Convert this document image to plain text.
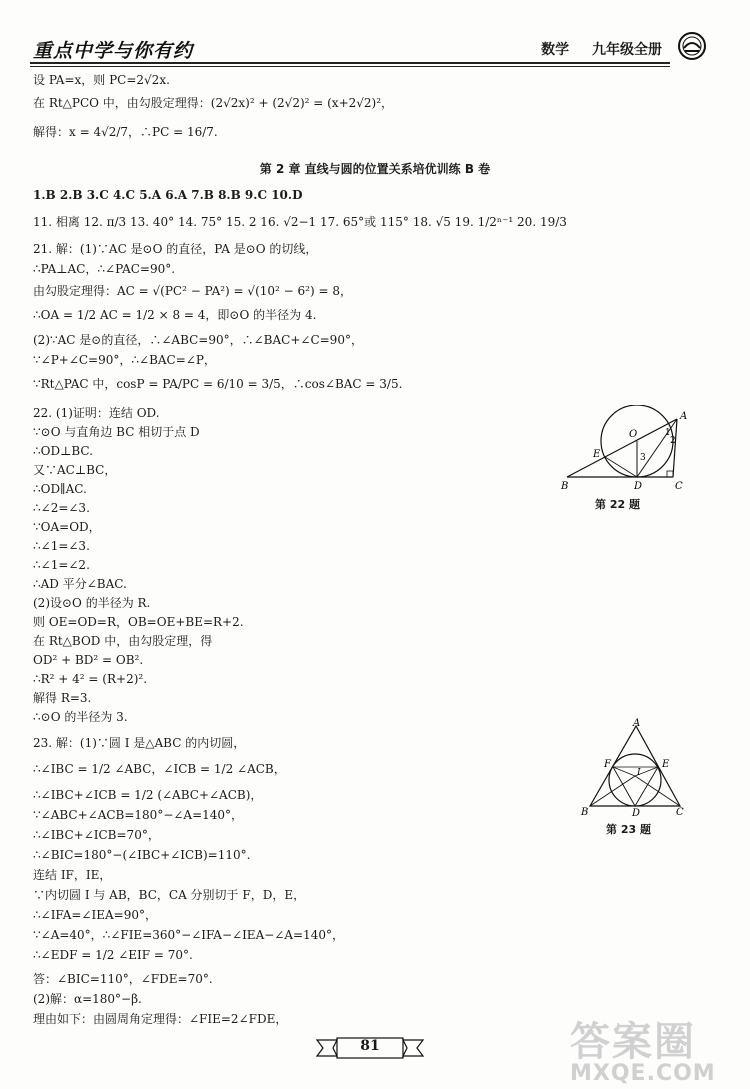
重点中学与你有约	数学 九年级全册
设 PA=x，则 PC=2√2x.
在 Rt△PCO 中，由勾股定理得：(2√2x)² + (2√2)² = (x+2√2)²，
解得：x = 4√2/7，∴PC = 16/7.
第 2 章 直线与圆的位置关系培优训练 B 卷
1.B 2.B 3.C 4.C 5.A 6.A 7.B 8.B 9.C 10.D
11. 相离 12. π/3 13. 40° 14. 75° 15. 2 16. √2−1 17. 65°或 115° 18. √5 19. 1/2ⁿ⁻¹ 20. 19/3
21. 解：(1)∵AC 是⊙O 的直径，PA 是⊙O 的切线，
∴PA⊥AC，∴∠PAC=90°.
由勾股定理得：AC = √(PC² − PA²) = √(10² − 6²) = 8，
∴OA = 1/2 AC = 1/2 × 8 = 4，即⊙O 的半径为 4.
(2)∵AC 是⊙的直径，∴∠ABC=90°，∴∠BAC+∠C=90°，
∵∠P+∠C=90°，∴∠BAC=∠P，
∵Rt△PAC 中，cosP = PA/PC = 6/10 = 3/5，∴cos∠BAC = 3/5.
22. (1)证明：连结 OD.
∵⊙O 与直角边 BC 相切于点 D
∴OD⊥BC.
又∵AC⊥BC，
∴OD∥AC.
∴∠2=∠3.
∵OA=OD，
∴∠1=∠3.
∴∠1=∠2.
∴AD 平分∠BAC.
(2)设⊙O 的半径为 R.
则 OE=OD=R，OB=OE+BE=R+2.
在 Rt△BOD 中，由勾股定理，得
OD² + BD² = OB².
∴R² + 4² = (R+2)².
解得 R=3.
∴⊙O 的半径为 3.
23. 解：(1)∵圆 I 是△ABC 的内切圆，
∴∠IBC = 1/2 ∠ABC，∠ICB = 1/2 ∠ACB，
∴∠IBC+∠ICB = 1/2 (∠ABC+∠ACB)，
∵∠ABC+∠ACB=180°−∠A=140°，
∴∠IBC+∠ICB=70°，
∴∠BIC=180°−(∠IBC+∠ICB)=110°.
连结 IF，IE，
∵内切圆 I 与 AB，BC，CA 分别切于 F，D，E，
∴∠IFA=∠IEA=90°，
∵∠A=40°，∴∠FIE=360°−∠IFA−∠IEA−∠A=140°，
∴∠EDF = 1/2 ∠EIF = 70°.
答：∠BIC=110°，∠FDE=70°.
(2)解：α=180°−β.
理由如下：由圆周角定理得：∠FIE=2∠FDE，
A
O	1
2
3
E
B	D	C
第 22 题
A
F	E
I
B	D	C
第 23 题
81	答案圈
MXQE.COM
